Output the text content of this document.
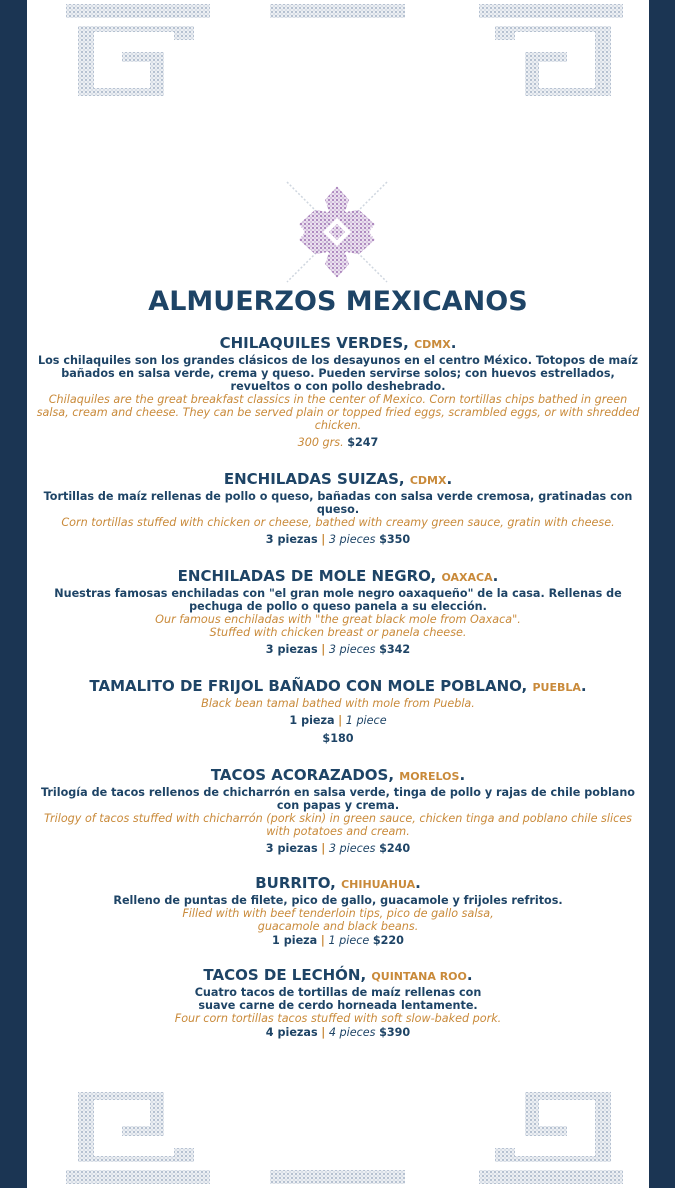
ALMUERZOS MEXICANOS
CHILAQUILES VERDES, CDMX.
Los chilaquiles son los grandes clásicos de los desayunos en el centro México. Totopos de maíz bañados en salsa verde, crema y queso. Pueden servirse solos; con huevos estrellados, revueltos o con pollo deshebrado.
Chilaquiles are the great breakfast classics in the center of Mexico. Corn tortillas chips bathed in green salsa, cream and cheese. They can be served plain or topped fried eggs, scrambled eggs, or with shredded chicken.
300 grs. $247
ENCHILADAS SUIZAS, CDMX.
Tortillas de maíz rellenas de pollo o queso, bañadas con salsa verde cremosa, gratinadas con queso.
Corn tortillas stuffed with chicken or cheese, bathed with creamy green sauce, gratin with cheese.
3 piezas | 3 pieces $350
ENCHILADAS DE MOLE NEGRO, OAXACA.
Nuestras famosas enchiladas con "el gran mole negro oaxaqueño" de la casa. Rellenas de pechuga de pollo o queso panela a su elección.
Our famous enchiladas with "the great black mole from Oaxaca". Stuffed with chicken breast or panela cheese.
3 piezas | 3 pieces $342
TAMALITO DE FRIJOL BAÑADO CON MOLE POBLANO, PUEBLA.
Black bean tamal bathed with mole from Puebla.
1 pieza | 1 piece
$180
TACOS ACORAZADOS, MORELOS.
Trilogía de tacos rellenos de chicharrón en salsa verde, tinga de pollo y rajas de chile poblano con papas y crema.
Trilogy of tacos stuffed with chicharrón (pork skin) in green sauce, chicken tinga and poblano chile slices with potatoes and cream.
3 piezas | 3 pieces $240
BURRITO, CHIHUAHUA.
Relleno de puntas de filete, pico de gallo, guacamole y frijoles refritos.
Filled with with beef tenderloin tips, pico de gallo salsa, guacamole and black beans.
1 pieza | 1 piece $220
TACOS DE LECHÓN, QUINTANA ROO.
Cuatro tacos de tortillas de maíz rellenas con suave carne de cerdo horneada lentamente.
Four corn tortillas tacos stuffed with soft slow-baked pork.
4 piezas | 4 pieces $390
